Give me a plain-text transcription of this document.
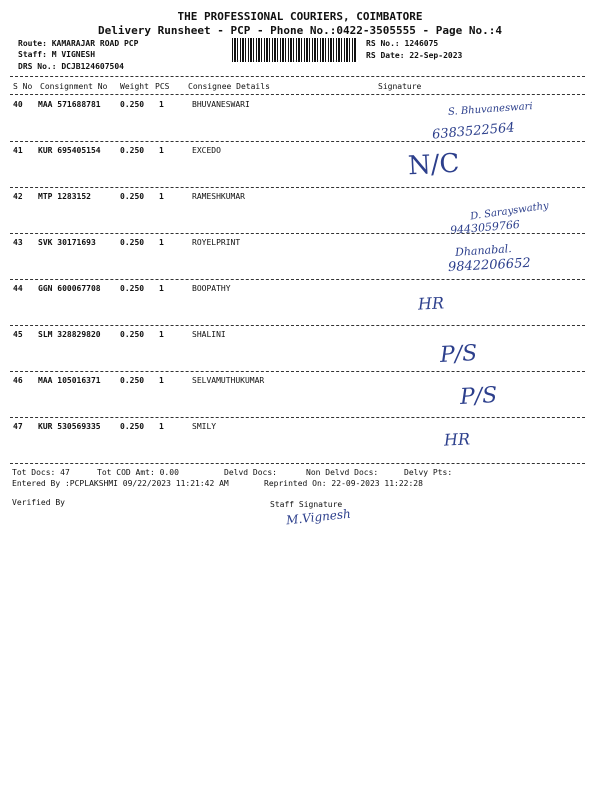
THE PROFESSIONAL COURIERS, COIMBATORE
Delivery Runsheet - PCP - Phone No.:0422-3505555 - Page No.:4
Route: KAMARAJAR ROAD PCP
Staff: M VIGNESH
DRS No.: DCJB124607504
RS No.: 1246075
RS Date: 22-Sep-2023
S No Consignment No Weight PCS Consignee Details	Signature
40 MAA 571688781 0.250 1	BHUVANESWARI	S. Bhuvaneswari
6383522564
41 KUR 695405154 0.250 1	EXCEDO	N/C
42 MTP 1283152	0.250 1	RAMESHKUMAR
D. Sarayswathy
9443059766
43 SVK 30171693	0.250 1	ROYELPRINT	Dhanabal.
9842206652
44 GGN 600067708 0.250 1	BOOPATHY
HR
45 SLM 328829820 0.250 1	SHALINI
P/S
46 MAA 105016371 0.250 1	SELVAMUTHUKUMAR
P/S
47 KUR 530569335 0.250 1	SMILY
HR
Tot Docs: 47	Tot COD Amt: 0.00	Delvd Docs:	Non Delvd Docs:	Delvy Pts:
Entered By :PCPLAKSHMI 09/22/2023 11:21:42 AM	Reprinted On: 22-09-2023 11:22:28
Verified By	Staff Signature
M.Vignesh
